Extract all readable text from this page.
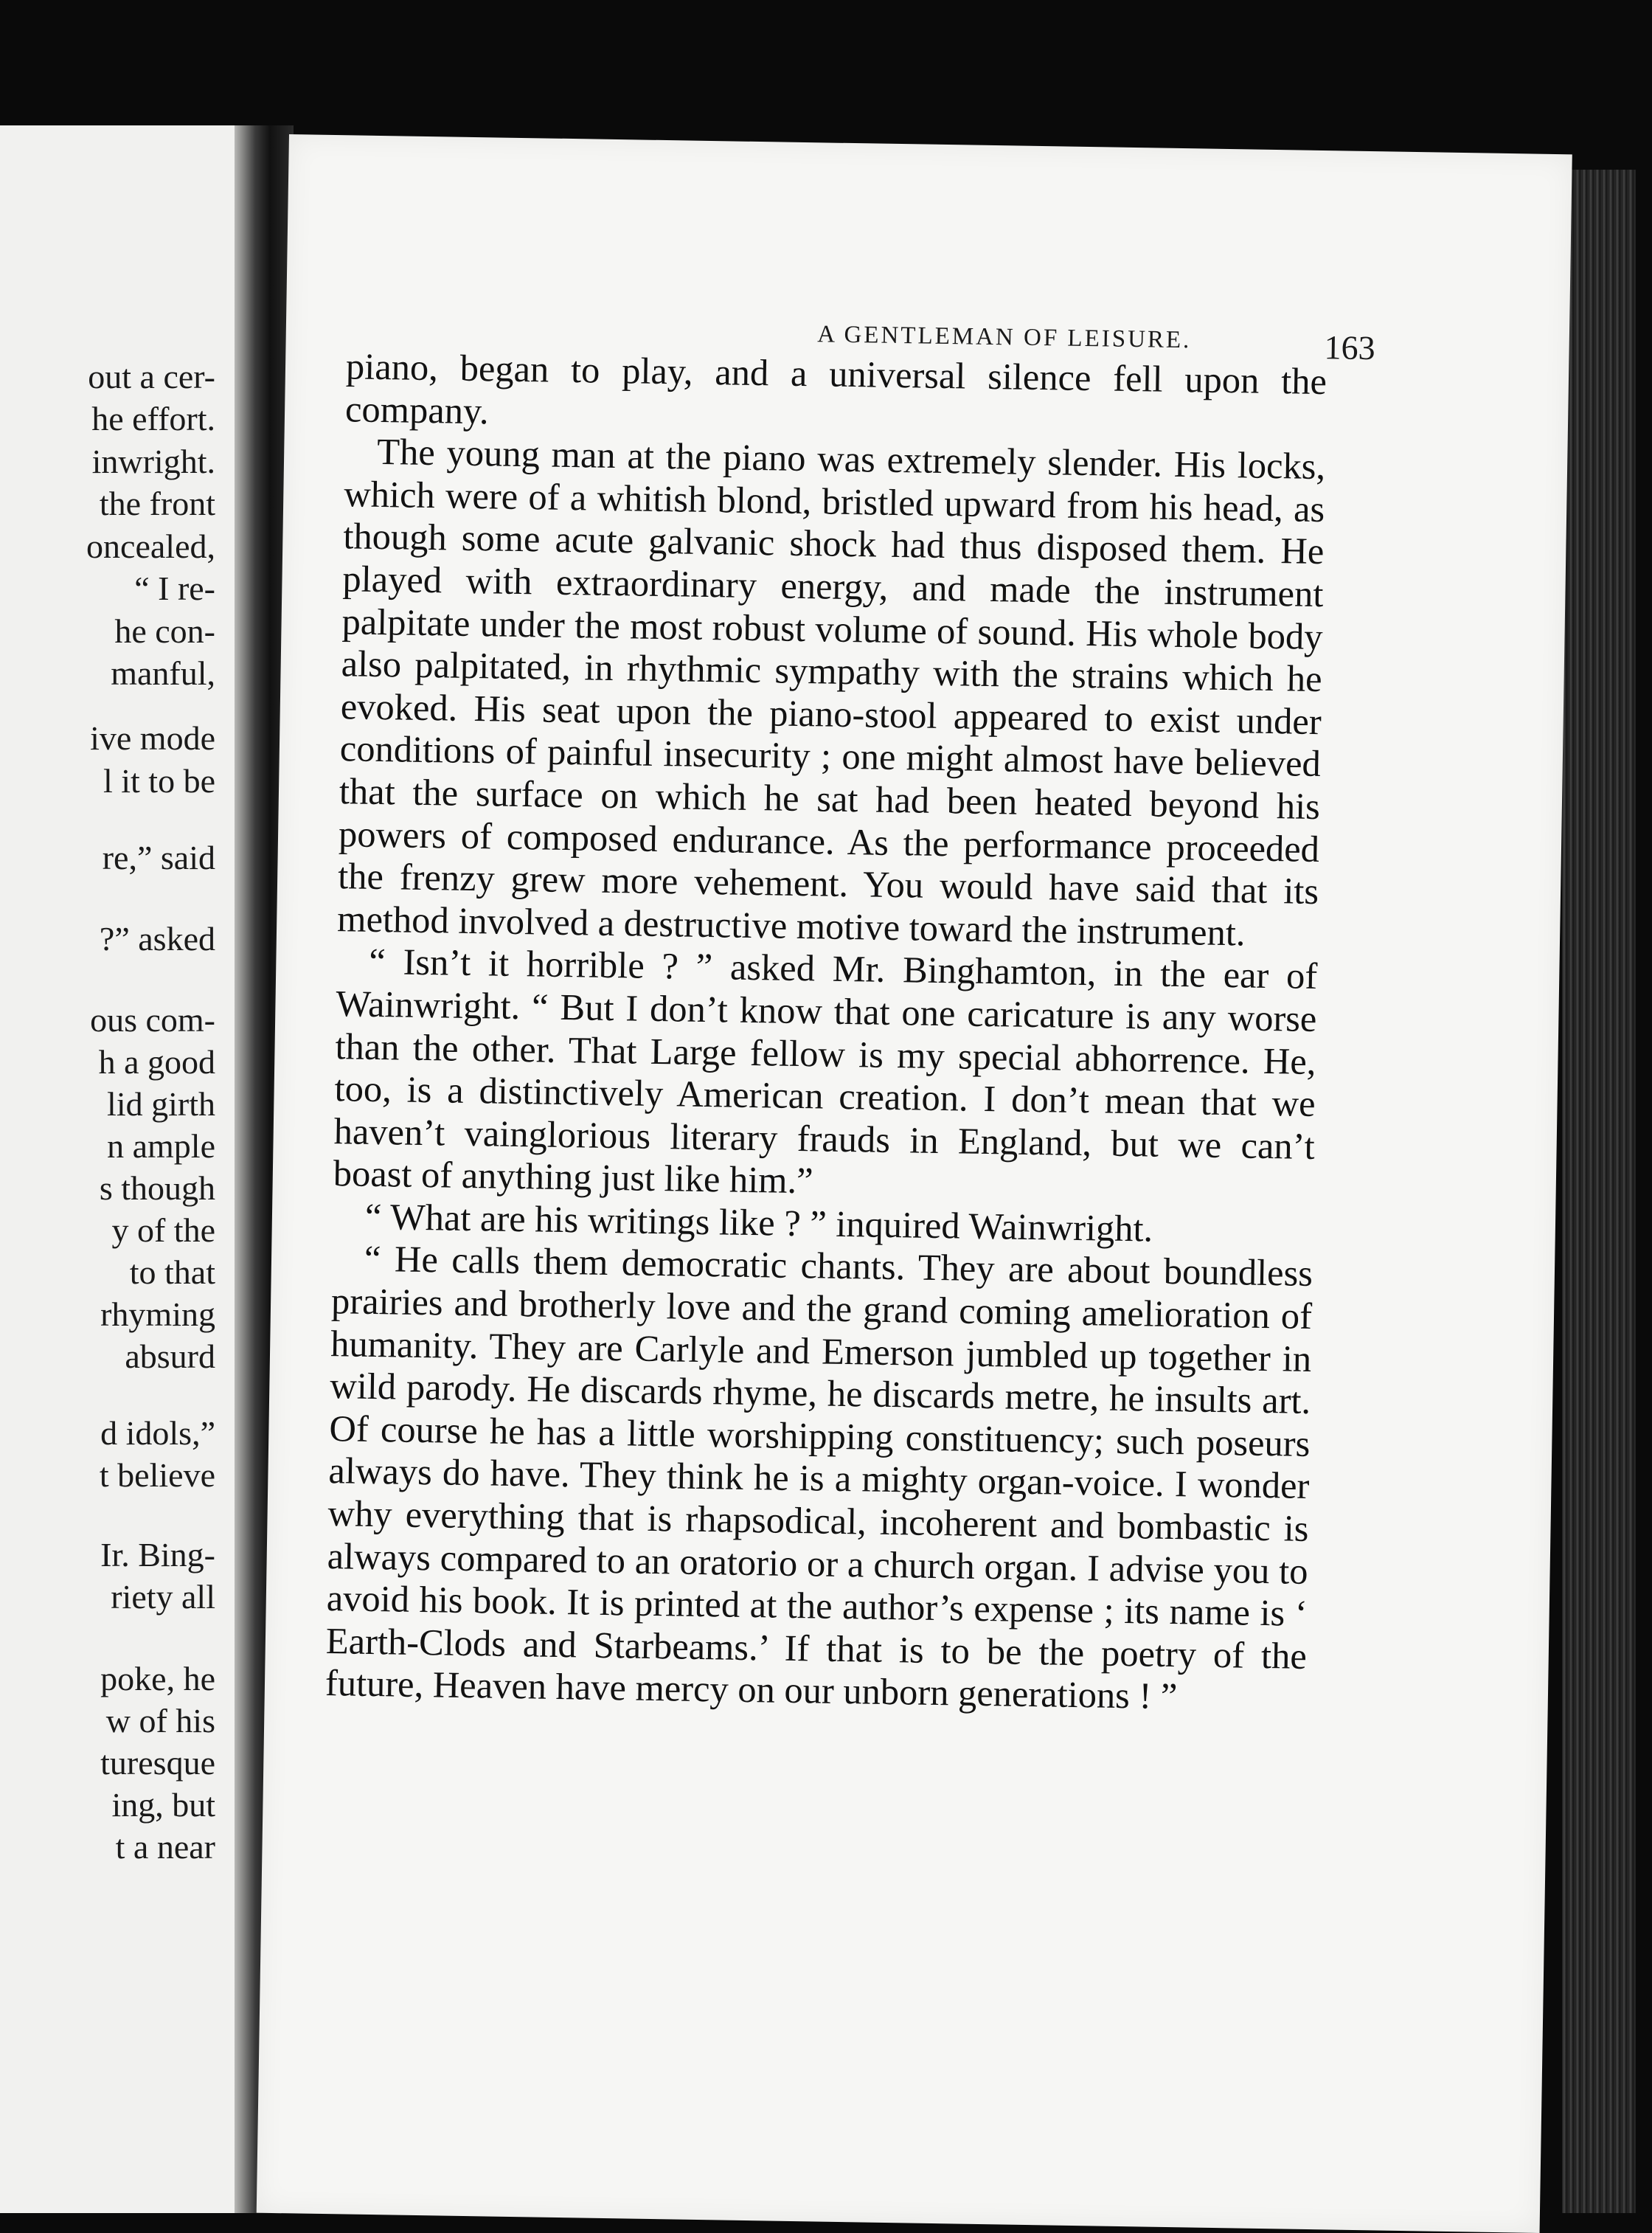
out a cer-
he effort.
inwright.
the front
oncealed,
“ I re-
he con-
manful,
ive mode
l it to be
re,” said
?” asked
ous com-
h a good
lid girth
n ample
s though
y of the
to that
rhyming
absurd
d idols,”
t believe
Ir. Bing-
riety all
poke, he
w of his
turesque
ing, but
t a near
A GENTLEMAN OF LEISURE.	163

piano, began to play, and a universal silence fell upon the company.

The young man at the piano was extremely slender. His locks, which were of a whitish blond, bristled upward from his head, as though some acute galvanic shock had thus disposed them. He played with extraordinary energy, and made the instrument palpitate under the most robust volume of sound. His whole body also palpitated, in rhythmic sympathy with the strains which he evoked. His seat upon the piano-stool appeared to exist under conditions of painful insecurity ; one might almost have believed that the surface on which he sat had been heated beyond his powers of composed endurance. As the performance proceeded the frenzy grew more vehement. You would have said that its method involved a destructive motive toward the instrument.

“ Isn’t it horrible ? ” asked Mr. Binghamton, in the ear of Wainwright. “ But I don’t know that one caricature is any worse than the other. That Large fellow is my special abhorrence. He, too, is a distinctively American creation. I don’t mean that we haven’t vainglorious literary frauds in England, but we can’t boast of anything just like him.”

“ What are his writings like ? ” inquired Wainwright.

“ He calls them democratic chants. They are about boundless prairies and brotherly love and the grand coming amelioration of humanity. They are Carlyle and Emerson jumbled up together in wild parody. He discards rhyme, he discards metre, he insults art. Of course he has a little worshipping constituency; such poseurs always do have. They think he is a mighty organ-voice. I wonder why everything that is rhapsodical, incoherent and bombastic is always compared to an oratorio or a church organ. I advise you to avoid his book. It is printed at the author’s expense ; its name is ‘ Earth-Clods and Starbeams.’ If that is to be the poetry of the future, Heaven have mercy on our unborn generations ! ”
